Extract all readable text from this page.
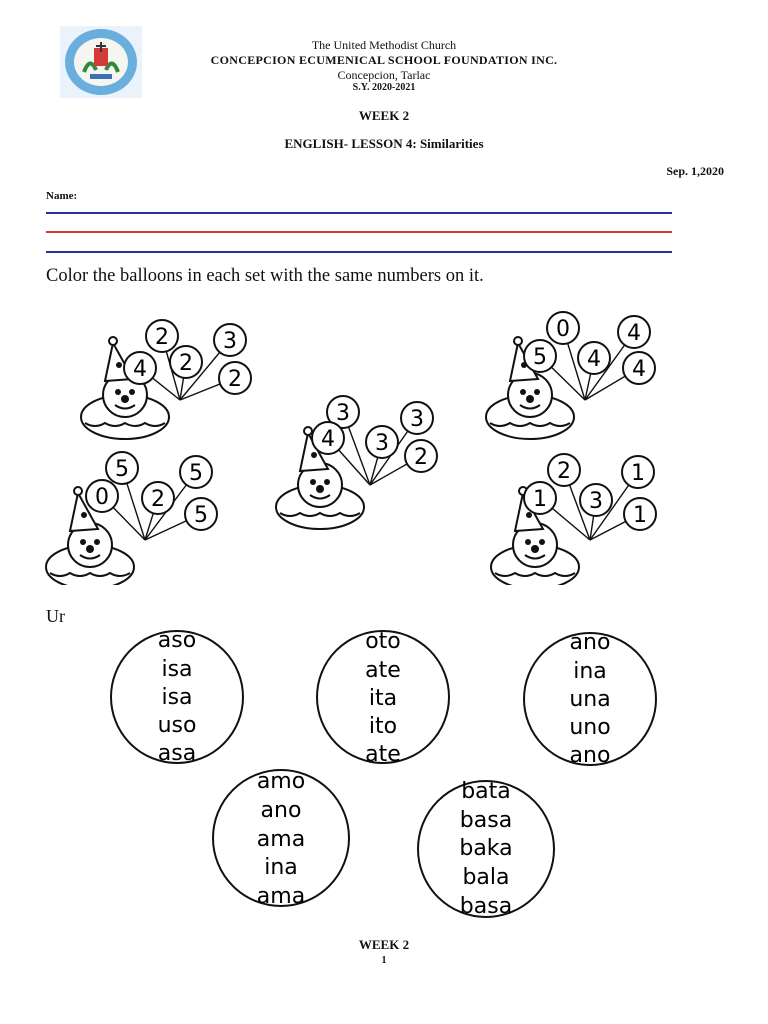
The United Methodist Church
CONCEPCION ECUMENICAL SCHOOL FOUNDATION INC.
Concepcion, Tarlac
S.Y. 2020-2021
WEEK 2
ENGLISH- LESSON 4: Similarities
Sep. 1,2020
Name:
Color the balloons in each set with the same numbers on it.
2 3
4 2
2
0	4
5 4 4
3	3
4 3
2
5	5
0 2
5
2	1
1 3
1
Ur
aso
isa
isa
uso
asa
oto
ate
ita
ito
ate
ano
ina
una
uno
ano
amo
ano
ama
ina
ama
bata
basa
baka
bala
basa
WEEK 2
1
